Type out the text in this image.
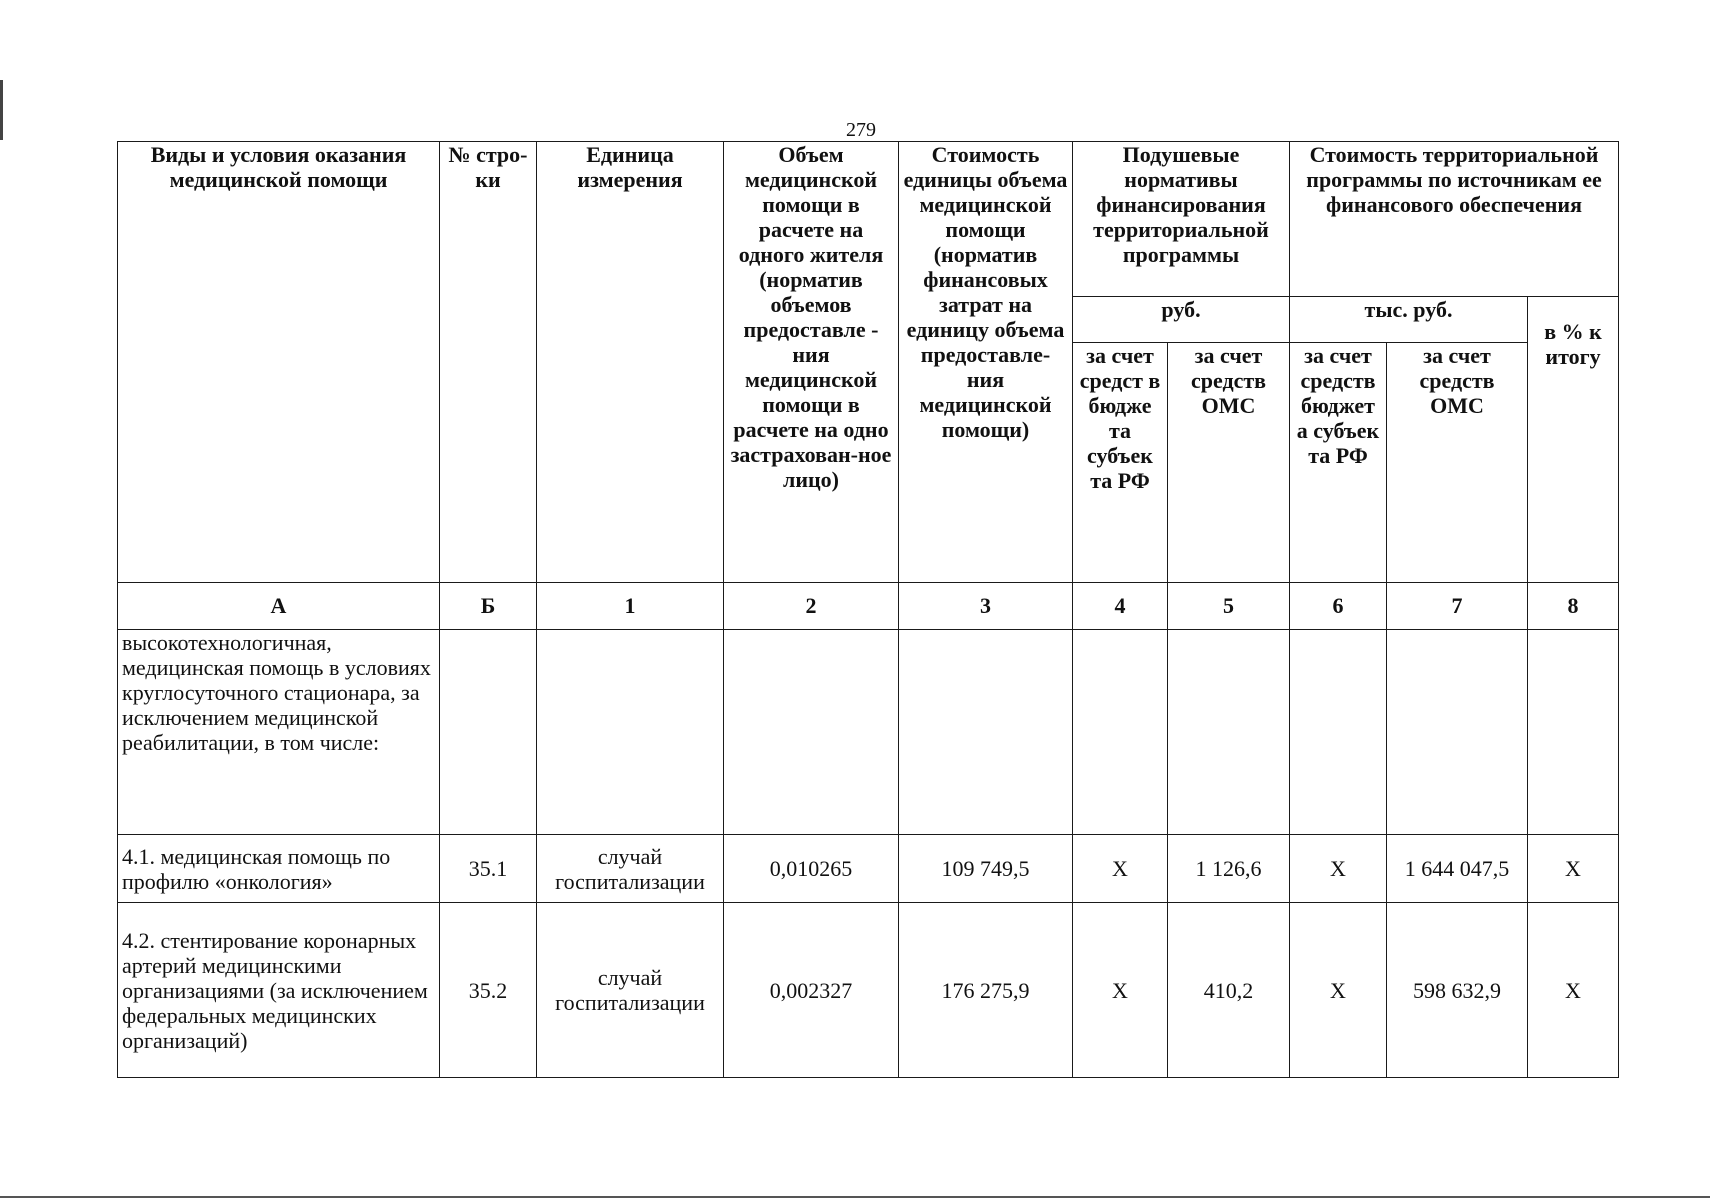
279
Виды и условия оказания медицинской помощи	№ стро-ки	Единица измерения	Объем медицинской помощи в расчете на одного жителя (норматив объемов предоставле - ния медицинской помощи в расчете на одно застрахован-ное лицо)	Стоимость единицы объема медицинской помощи (норматив финансовых затрат на единицу объема предоставле-ния медицинской помощи)	Подушевые нормативы финансирования территориальной программы		Стоимость территориальной программы по источникам ее финансового обеспечения		
					руб.		тыс. руб.		в % к итогу
					за счет средст в бюдже та субъек та РФ	за счет средств ОМС	за счет средств бюджет а субъек та РФ	за счет средств ОМС	
А	Б	1	2	3	4	5	6	7	8
высокотехнологичная, медицинская помощь в условиях круглосуточного стационара, за исключением медицинской реабилитации, в том числе:									
4.1. медицинская помощь по профилю «онкология»	35.1	случай госпитализации	0,010265	109 749,5	Х	1 126,6	Х	1 644 047,5	Х
4.2. стентирование коронарных артерий медицинскими организациями (за исключением федеральных медицинских организаций)	35.2	случай госпитализации	0,002327	176 275,9	Х	410,2	Х	598 632,9	Х
